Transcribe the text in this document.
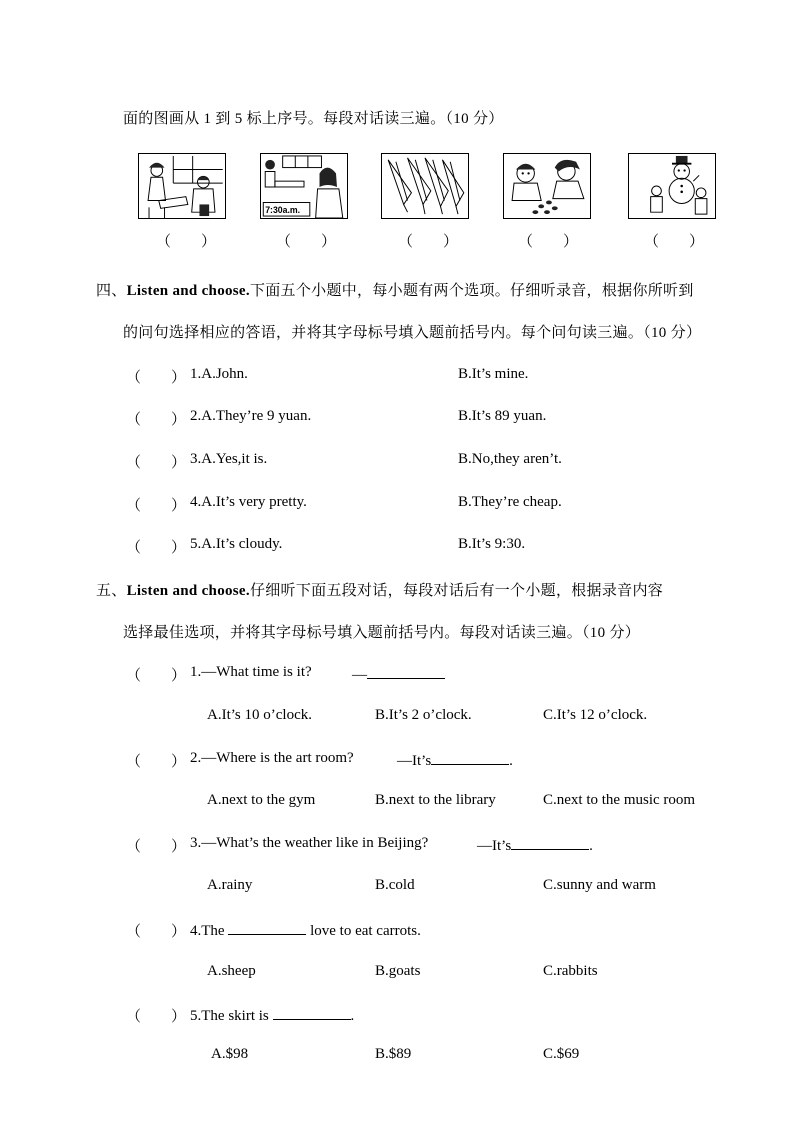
面的图画从 1 到 5 标上序号。每段对话读三遍。（10 分）
7:30a.m.
（　　）	（　　）	（　　）	（　　）	（　　）
四、Listen and choose.下面五个小题中，每小题有两个选项。仔细听录音，根据你所听到
的问句选择相应的答语，并将其字母标号填入题前括号内。每个问句读三遍。（10 分）
（　　） 1.A.John.	B.It’s mine.
（　　） 2.A.They’re 9 yuan.	B.It’s 89 yuan.
（　　） 3.A.Yes,it is.	B.No,they aren’t.
（　　） 4.A.It’s very pretty.	B.They’re cheap.
（　　） 5.A.It’s cloudy.	B.It’s 9:30.
五、Listen and choose.仔细听下面五段对话，每段对话后有一个小题，根据录音内容
选择最佳选项，并将其字母标号填入题前括号内。每段对话读三遍。（10 分）
（　　） 1.—What time is it?	—
A.It’s 10 o’clock.	B.It’s 2 o’clock.	C.It’s 12 o’clock.
（　　） 2.—Where is the art room?	—It’s	.
A.next to the gym	B.next to the library	C.next to the music room
（　　） 3.—What’s the weather like in Beijing?	—It’s	.
A.rainy	B.cold	C.sunny and warm
（　　） 4.The	love to eat carrots.
A.sheep	B.goats	C.rabbits
（　　） 5.The skirt is	.
A.$98	B.$89	C.$69
